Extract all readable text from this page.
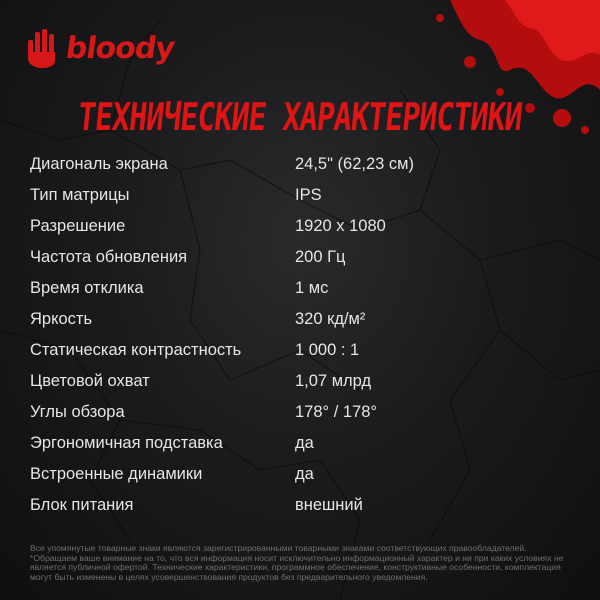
bloody
ТЕХНИЧЕСКИЕ ХАРАКТЕРИСТИКИ
Диагональ экрана	24,5" (62,23 см)
Тип матрицы	IPS
Разрешение	1920 х 1080
Частота обновления	200 Гц
Время отклика	1 мс
Яркость	320 кд/м²
Статическая контрастность	1 000 : 1
Цветовой охват	1,07 млрд
Углы обзора	178° / 178°
Эргономичная подставка	да
Встроенные динамики	да
Блок питания	внешний
Все упомянутые товарные знаки являются зарегистрированными товарными знаками соответствующих правообладателей.
*Обращаем ваше внимание на то, что вся информация носит исключительно информационный характер и ни при каких условиях не
является публичной офертой. Технические характеристики, программное обеспечение, конструктивные особенности, комплектация
могут быть изменены в целях усовершенствования продуктов без предварительного уведомления.
